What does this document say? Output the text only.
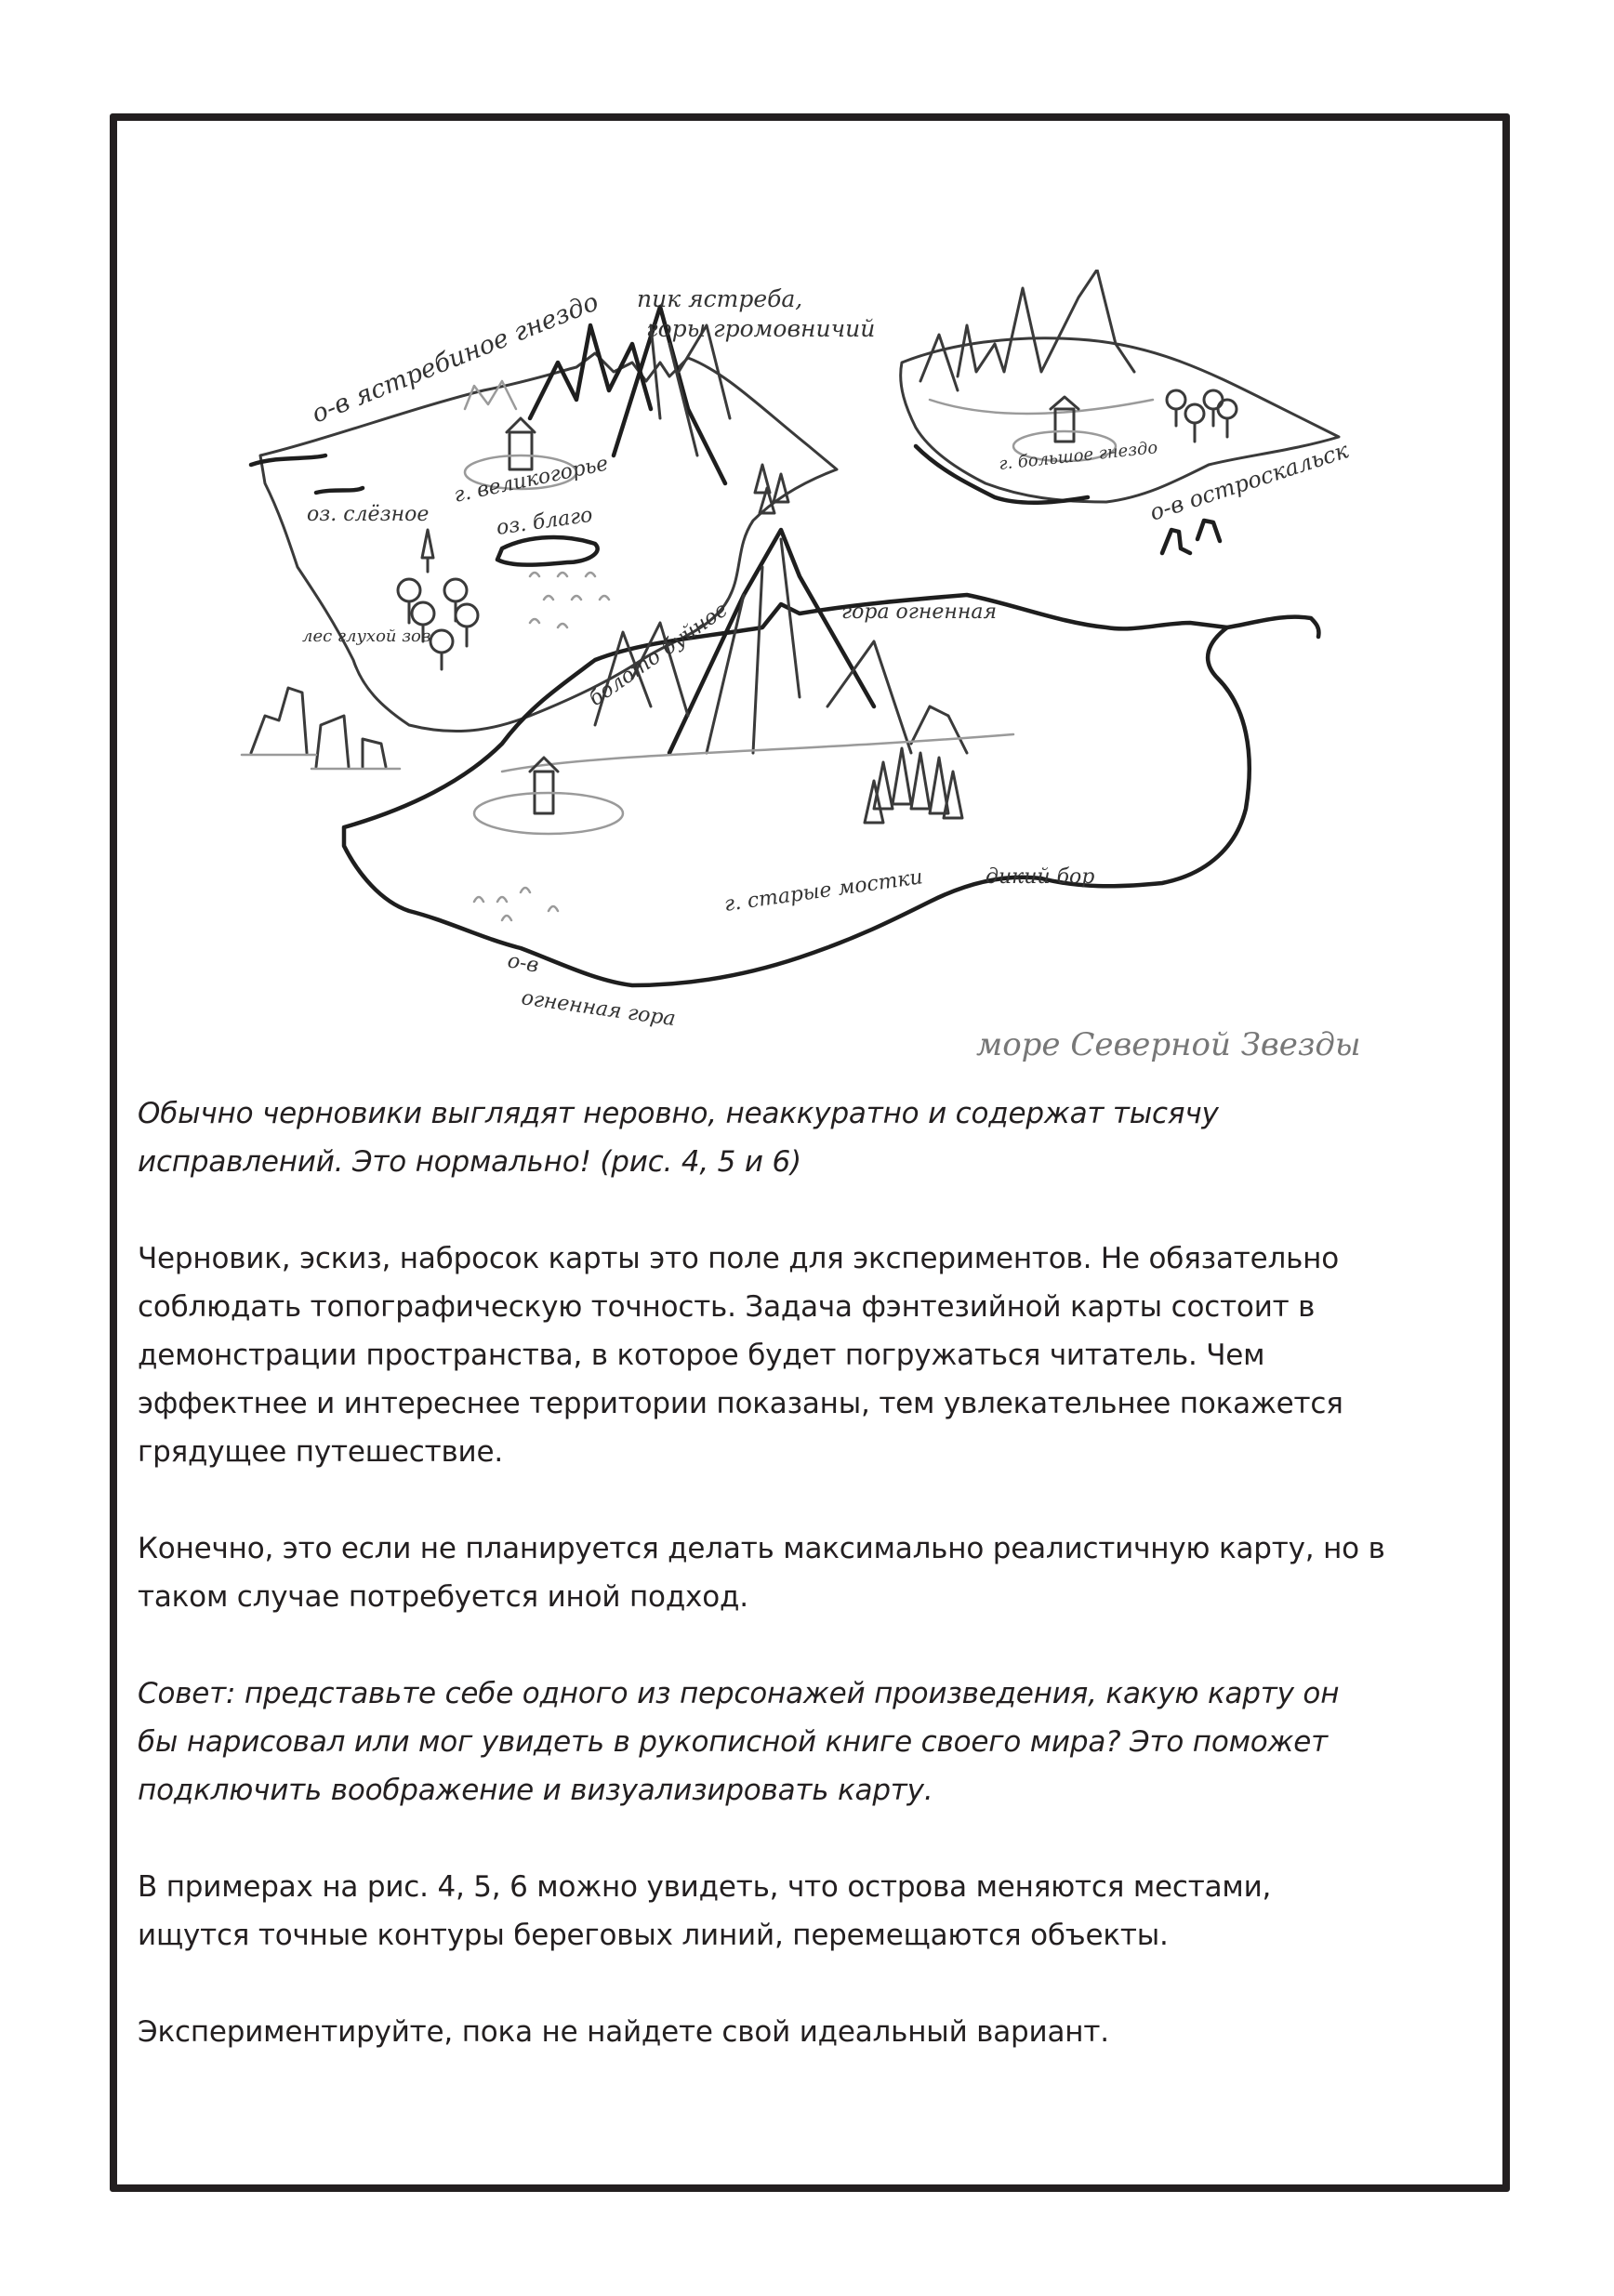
о-в ястребиное гнездо пик ястреба,
горы громовничий
оз. слёзное
г. великогорье
оз. благо
лес глухой зов	болото буйное
г. большое гнездо
о-в остроскальск
гора огненная
г. старые мостки	дикий бор
о-в
огненная гора
море Северной Звезды

Обычно черновики выглядят неровно, неаккуратно и содержат тысячу
исправлений. Это нормально! (рис. 4, 5 и 6)

Черновик, эскиз, набросок карты это поле для экспериментов. Не обязательно
соблюдать топографическую точность. Задача фэнтезийной карты состоит в
демонстрации пространства, в которое будет погружаться читатель. Чем
эффектнее и интереснее территории показаны, тем увлекательнее покажется
грядущее путешествие.

Конечно, это если не планируется делать максимально реалистичную карту, но в
таком случае потребуется иной подход.

Совет: представьте себе одного из персонажей произведения, какую карту он
бы нарисовал или мог увидеть в рукописной книге своего мира? Это поможет
подключить воображение и визуализировать карту.

В примерах на рис. 4, 5, 6 можно увидеть, что острова меняются местами,
ищутся точные контуры береговых линий, перемещаются объекты.

Экспериментируйте, пока не найдете свой идеальный вариант.
